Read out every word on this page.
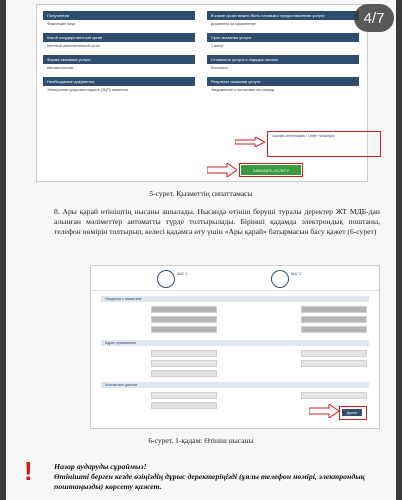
Получатели
Физические лица
Какой государственный орган
Местный исполнительный орган
Форма оказания услуги
Автоматическая
Необходимые документы
Электронная цифровая подпись (ЭЦП) заявителя
В какие сроки можно быть готовым к предоставлению услуги
Документы на оформление
Срок оказания услуги
1 минут
Стоимость услуги и порядок оплаты
Бесплатно
Результат оказания услуги
Уведомление о постановке на очередь
Скачать инструкцию / Ответ на вопрос
ЗАКАЗАТЬ УСЛУГУ
5-сурет. Қызметтің сипаттамасы
8. Ары қарай өтініштің нысаны ашылады. Нысанда өтініш беруші туралы деректер ЖТ МДБ-дан алынған мәліметтер автоматты түрде толтырылады. Бірінші қадамда электрондық поштаны, телефон нөмірін толтырып, келесі қадамға өту үшін «Ары қарай» батырмасын басу қажет (6-сурет)
ШАГ 1	ШАГ 2
Сведения о заявителе
Адрес проживания
Контактные данные
Далее
6-сурет. 1-қадам: Өтініш нысаны
!	Назар аударуды сұраймыз!
Өтінішті берген кезде өзіңіздің дұрыс деректеріңізді (ұялы телефон нөмірі, электрондық поштаңызды) көрсету қажет.
4/7
